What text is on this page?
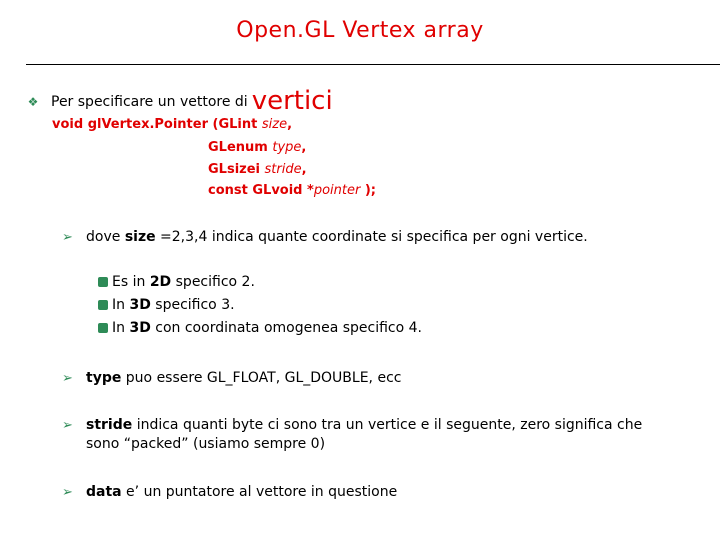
Open.GL Vertex array
❖ Per specificare un vettore di vertici
void glVertex.Pointer (GLint size,
GLenum type,
GLsizei stride,
const GLvoid *pointer );
➢ dove size =2,3,4 indica quante coordinate si specifica per ogni vertice.
Es in 2D specifico 2.
In 3D specifico 3.
In 3D con coordinata omogenea specifico 4.
➢ type puo essere GL_FLOAT, GL_DOUBLE, ecc
➢ stride indica quanti byte ci sono tra un vertice e il seguente, zero significa che
sono “packed” (usiamo sempre 0)
➢ data e’ un puntatore al vettore in questione
